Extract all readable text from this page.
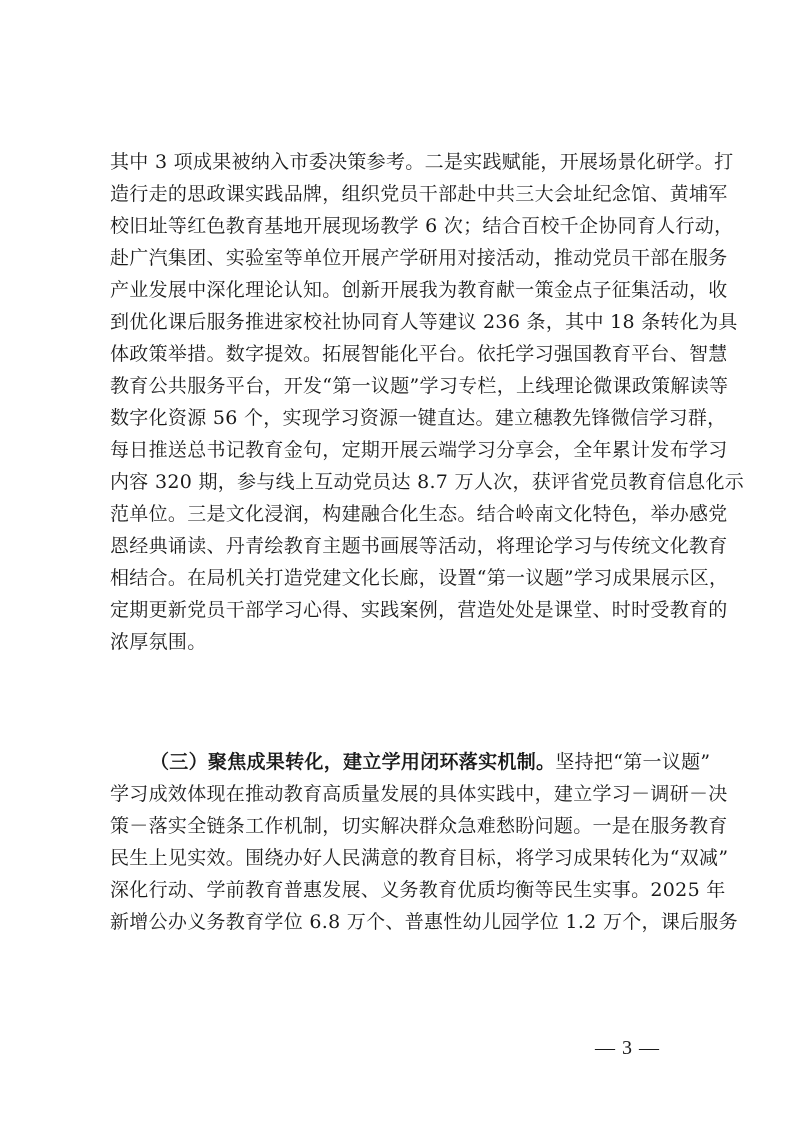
其中 3 项成果被纳入市委决策参考。二是实践赋能，开展场景化研学。打
造行走的思政课实践品牌，组织党员干部赴中共三大会址纪念馆、黄埔军
校旧址等红色教育基地开展现场教学 6 次；结合百校千企协同育人行动，
赴广汽集团、实验室等单位开展产学研用对接活动，推动党员干部在服务
产业发展中深化理论认知。创新开展我为教育献一策金点子征集活动，收
到优化课后服务推进家校社协同育人等建议 236 条，其中 18 条转化为具
体政策举措。数字提效。拓展智能化平台。依托学习强国教育平台、智慧
教育公共服务平台，开发“第一议题”学习专栏，上线理论微课政策解读等
数字化资源 56 个，实现学习资源一键直达。建立穗教先锋微信学习群，
每日推送总书记教育金句，定期开展云端学习分享会，全年累计发布学习
内容 320 期，参与线上互动党员达 8.7 万人次，获评省党员教育信息化示
范单位。三是文化浸润，构建融合化生态。结合岭南文化特色，举办感党
恩经典诵读、丹青绘教育主题书画展等活动，将理论学习与传统文化教育
相结合。在局机关打造党建文化长廊，设置“第一议题”学习成果展示区，
定期更新党员干部学习心得、实践案例，营造处处是课堂、时时受教育的
浓厚氛围。
（三）聚焦成果转化，建立学用闭环落实机制。坚持把“第一议题”
学习成效体现在推动教育高质量发展的具体实践中，建立学习－调研－决
策－落实全链条工作机制，切实解决群众急难愁盼问题。一是在服务教育
民生上见实效。围绕办好人民满意的教育目标，将学习成果转化为“双减”
深化行动、学前教育普惠发展、义务教育优质均衡等民生实事。2025 年
新增公办义务教育学位 6.8 万个、普惠性幼儿园学位 1.2 万个，课后服务
— 3 —
